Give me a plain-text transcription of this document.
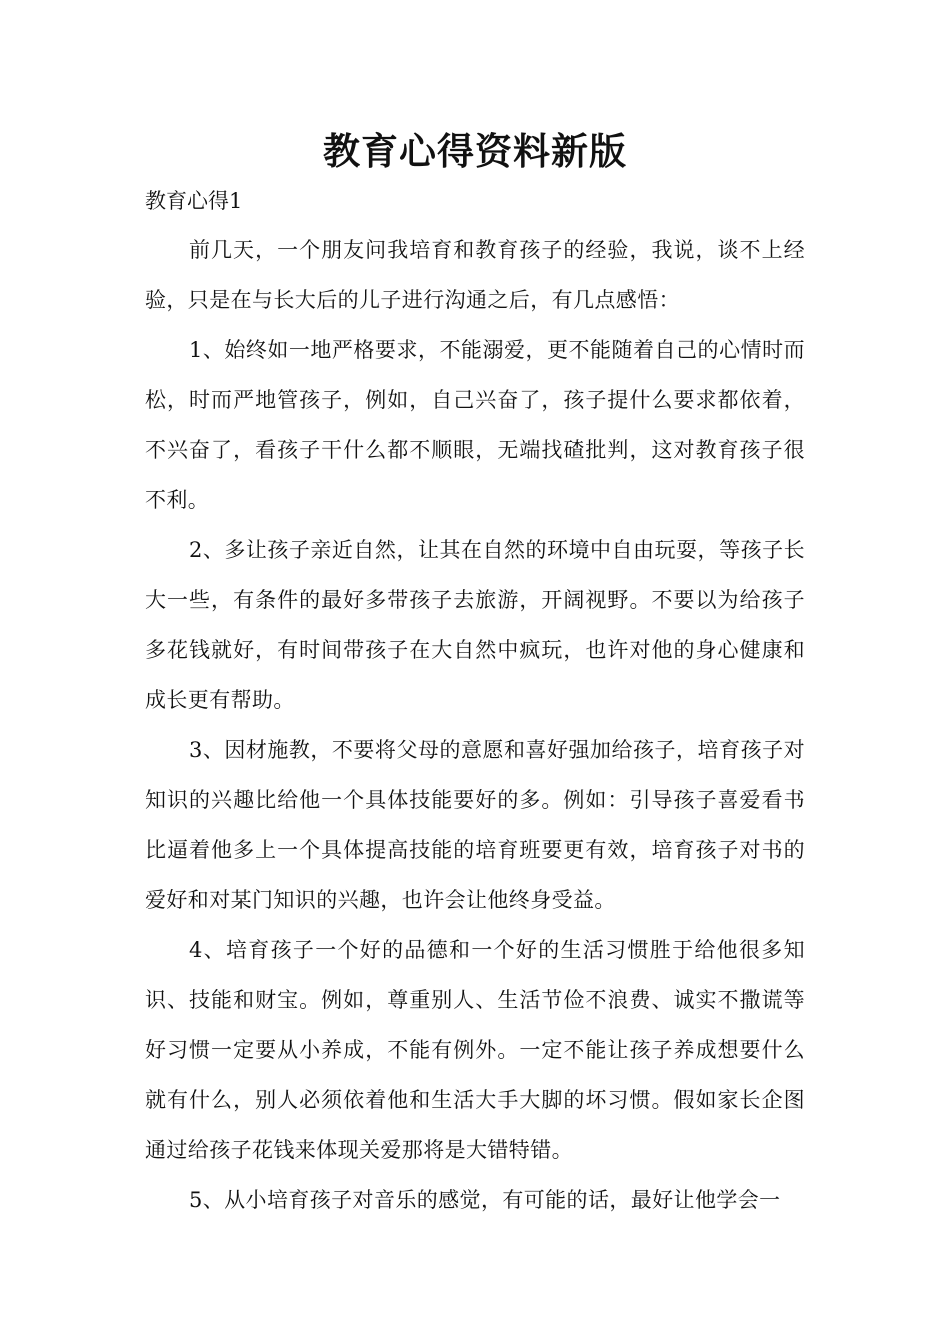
教育心得资料新版

教育心得1

前几天，一个朋友问我培育和教育孩子的经验，我说，谈不上经验，只是在与长大后的儿子进行沟通之后，有几点感悟：

1、始终如一地严格要求，不能溺爱，更不能随着自己的心情时而松，时而严地管孩子，例如，自己兴奋了，孩子提什么要求都依着，不兴奋了，看孩子干什么都不顺眼，无端找碴批判，这对教育孩子很不利。

2、多让孩子亲近自然，让其在自然的环境中自由玩耍，等孩子长大一些，有条件的最好多带孩子去旅游，开阔视野。不要以为给孩子多花钱就好，有时间带孩子在大自然中疯玩，也许对他的身心健康和成长更有帮助。

3、因材施教，不要将父母的意愿和喜好强加给孩子，培育孩子对知识的兴趣比给他一个具体技能要好的多。例如：引导孩子喜爱看书比逼着他多上一个具体提高技能的培育班要更有效，培育孩子对书的爱好和对某门知识的兴趣，也许会让他终身受益。

4、培育孩子一个好的品德和一个好的生活习惯胜于给他很多知识、技能和财宝。例如，尊重别人、生活节俭不浪费、诚实不撒谎等好习惯一定要从小养成，不能有例外。一定不能让孩子养成想要什么就有什么，别人必须依着他和生活大手大脚的坏习惯。假如家长企图通过给孩子花钱来体现关爱那将是大错特错。

5、从小培育孩子对音乐的感觉，有可能的话，最好让他学会一
